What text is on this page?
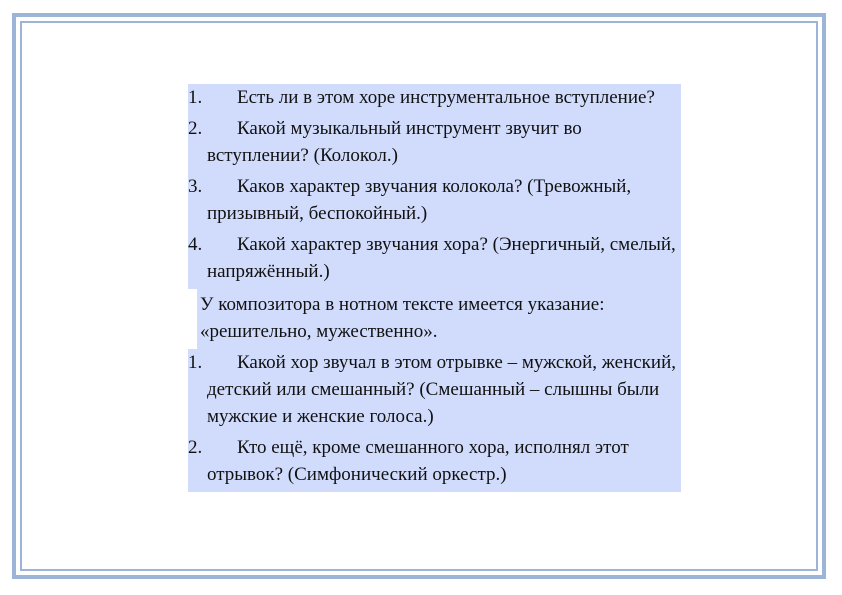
1. Есть ли в этом хоре инструментальное вступление?
2. Какой музыкальный инструмент звучит во вступлении? (Колокол.)
3. Каков характер звучания колокола? (Тревожный, призывный, беспокойный.)
4. Какой характер звучания хора? (Энергичный, смелый, напряжённый.)
У композитора в нотном тексте имеется указание: «решительно, мужественно».
1. Какой хор звучал в этом отрывке – мужской, женский, детский или смешанный? (Смешанный – слышны были мужские и женские голоса.)
2. Кто ещё, кроме смешанного хора, исполнял этот отрывок? (Симфонический оркестр.)
